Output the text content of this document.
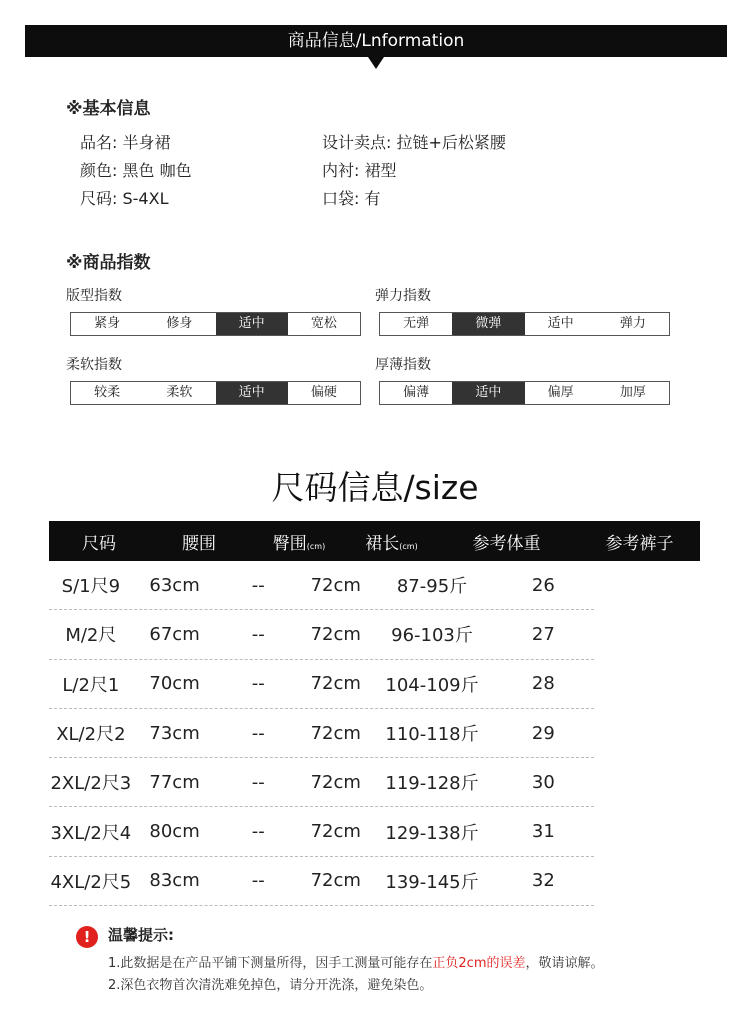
商品信息/Lnformation
※基本信息
品名 : 半身裙
颜色 : 黑色 咖色
尺码 : S-4XL
设计卖点 : 拉链+后松紧腰
内衬 : 裙型
口袋 : 有
※商品指数
版型指数
紧身	修身	适中	宽松
弹力指数
无弹	微弹	适中	弹力
柔软指数
较柔	柔软	适中	偏硬
厚薄指数
偏薄	适中	偏厚	加厚
尺码信息/size
尺码	腰围	臀围(cm)	裙长(cm)	参考体重	参考裤子
S/1尺9	63cm	--	72cm	87-95斤	26
M/2尺	67cm	--	72cm	96-103斤	27
L/2尺1	70cm	--	72cm	104-109斤	28
XL/2尺2	73cm	--	72cm	110-118斤	29
2XL/2尺3	77cm	--	72cm	119-128斤	30
3XL/2尺4	80cm	--	72cm	129-138斤	31
4XL/2尺5	83cm	--	72cm	139-145斤	32
!	温馨提示:
1.此数据是在产品平铺下测量所得，因手工测量可能存在正负2cm的误差，敬请谅解。
2.深色衣物首次清洗难免掉色，请分开洗涤，避免染色。
